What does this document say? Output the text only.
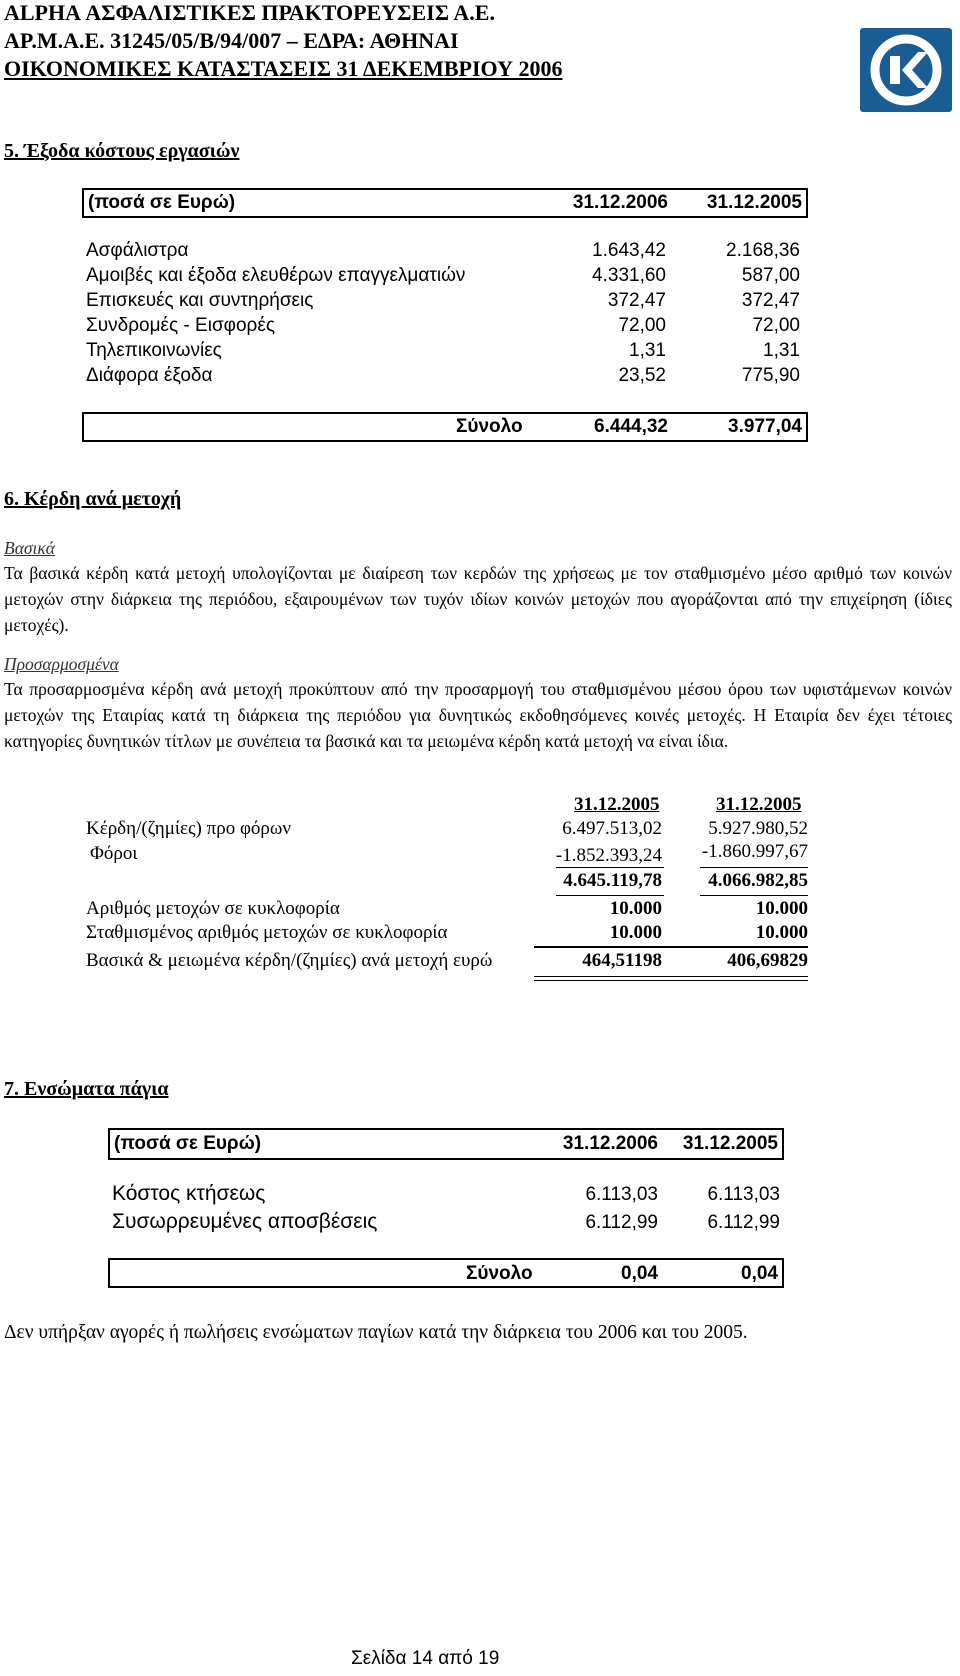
ALPHA ΑΣΦΑΛΙΣΤΙΚΕΣ ΠΡΑΚΤΟΡΕΥΣΕΙΣ Α.Ε.
ΑΡ.Μ.Α.Ε. 31245/05/Β/94/007 – ΕΔΡΑ: ΑΘΗΝΑΙ
ΟΙΚΟΝΟΜΙΚΕΣ ΚΑΤΑΣΤΑΣΕΙΣ 31 ΔΕΚΕΜΒΡΙΟΥ 2006
5. Έξοδα κόστους εργασιών
(ποσά σε Ευρώ)	31.12.2006 31.12.2005
Ασφάλιστρα	1.643,42	2.168,36
Αμοιβές και έξοδα ελευθέρων επαγγελματιών	4.331,60	587,00
Επισκευές και συντηρήσεις	372,47	372,47
Συνδρομές - Εισφορές	72,00	72,00
Τηλεπικοινωνίες	1,31	1,31
Διάφορα έξοδα	23,52	775,90
Σύνολο	6.444,32	3.977,04
6. Κέρδη ανά μετοχή
Βασικά
Τα βασικά κέρδη κατά μετοχή υπολογίζονται με διαίρεση των κερδών της χρήσεως με τον σταθμισμένο μέσο αριθμό των κοινών μετοχών στην διάρκεια της περιόδου, εξαιρουμένων των τυχόν ιδίων κοινών μετοχών που αγοράζονται από την επιχείρηση (ίδιες μετοχές).
Προσαρμοσμένα
Τα προσαρμοσμένα κέρδη ανά μετοχή προκύπτουν από την προσαρμογή του σταθμισμένου μέσου όρου των υφιστάμενων κοινών μετοχών της Εταιρίας κατά τη διάρκεια της περιόδου για δυνητικώς εκδοθησόμενες κοινές μετοχές. Η Εταιρία δεν έχει τέτοιες κατηγορίες δυνητικών τίτλων με συνέπεια τα βασικά και τα μειωμένα κέρδη κατά μετοχή να είναι ίδια.
31.12.2005	31.12.2005
Κέρδη/(ζημίες) προ φόρων	6.497.513,02 5.927.980,52
Φόροι	-1.852.393,24 -1.860.997,67
4.645.119,78 4.066.982,85
Αριθμός μετοχών σε κυκλοφορία	10.000	10.000
Σταθμισμένος αριθμός μετοχών σε κυκλοφορία	10.000	10.000
Βασικά & μειωμένα κέρδη/(ζημίες) ανά μετοχή ευρώ	464,51198	406,69829
7. Ενσώματα πάγια
(ποσά σε Ευρώ)	31.12.2006 31.12.2005
Κόστος κτήσεως	6.113,03	6.113,03
Συσωρρευμένες αποσβέσεις	6.112,99	6.112,99
Σύνολο	0,04	0,04
Δεν υπήρξαν αγορές ή πωλήσεις ενσώματων παγίων κατά την διάρκεια του 2006 και του 2005.
Σελίδα 14 από 19
